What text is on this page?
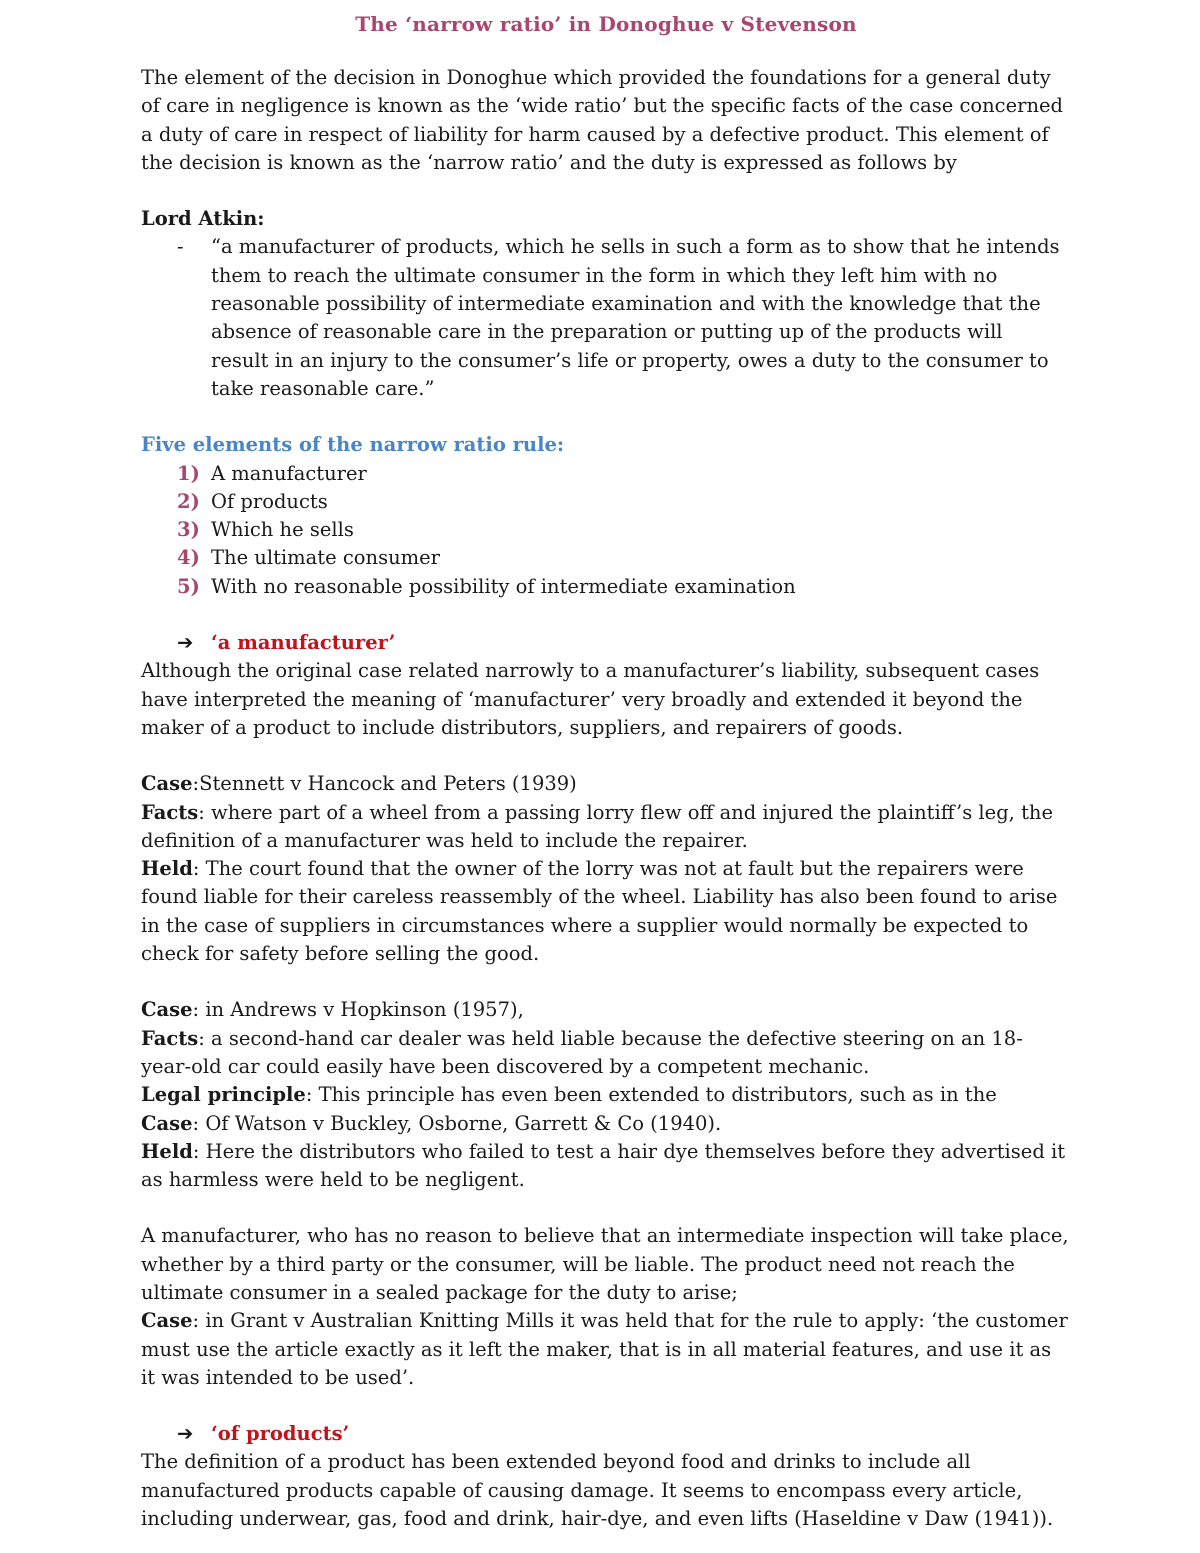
The ‘narrow ratio’ in Donoghue v Stevenson

The element of the decision in Donoghue which provided the foundations for a general duty of care in negligence is known as the ‘wide ratio’ but the specific facts of the case concerned a duty of care in respect of liability for harm caused by a defective product. This element of the decision is known as the ‘narrow ratio’ and the duty is expressed as follows by

Lord Atkin:

-	“a manufacturer of products, which he sells in such a form as to show that he intends them to reach the ultimate consumer in the form in which they left him with no reasonable possibility of intermediate examination and with the knowledge that the absence of reasonable care in the preparation or putting up of the products will result in an injury to the consumer’s life or property, owes a duty to the consumer to take reasonable care.”

Five elements of the narrow ratio rule:

1) A manufacturer
2) Of products
3) Which he sells
4) The ultimate consumer
5) With no reasonable possibility of intermediate examination
➔ ‘a manufacturer’

Although the original case related narrowly to a manufacturer’s liability, subsequent cases have interpreted the meaning of ‘manufacturer’ very broadly and extended it beyond the maker of a product to include distributors, suppliers, and repairers of goods.

Case:Stennett v Hancock and Peters (1939)

Facts: where part of a wheel from a passing lorry flew off and injured the plaintiff’s leg, the definition of a manufacturer was held to include the repairer.

Held: The court found that the owner of the lorry was not at fault but the repairers were found liable for their careless reassembly of the wheel. Liability has also been found to arise in the case of suppliers in circumstances where a supplier would normally be expected to check for safety before selling the good.

Case: in Andrews v Hopkinson (1957),

Facts: a second-hand car dealer was held liable because the defective steering on an 18-year-old car could easily have been discovered by a competent mechanic.

Legal principle: This principle has even been extended to distributors, such as in the

Case: Of Watson v Buckley, Osborne, Garrett & Co (1940).

Held: Here the distributors who failed to test a hair dye themselves before they advertised it as harmless were held to be negligent.

A manufacturer, who has no reason to believe that an intermediate inspection will take place, whether by a third party or the consumer, will be liable. The product need not reach the ultimate consumer in a sealed package for the duty to arise;

Case: in Grant v Australian Knitting Mills it was held that for the rule to apply: ‘the customer must use the article exactly as it left the maker, that is in all material features, and use it as it was intended to be used’.

➔ ‘of products’

The definition of a product has been extended beyond food and drinks to include all manufactured products capable of causing damage. It seems to encompass every article, including underwear, gas, food and drink, hair-dye, and even lifts (Haseldine v Daw (1941)).
